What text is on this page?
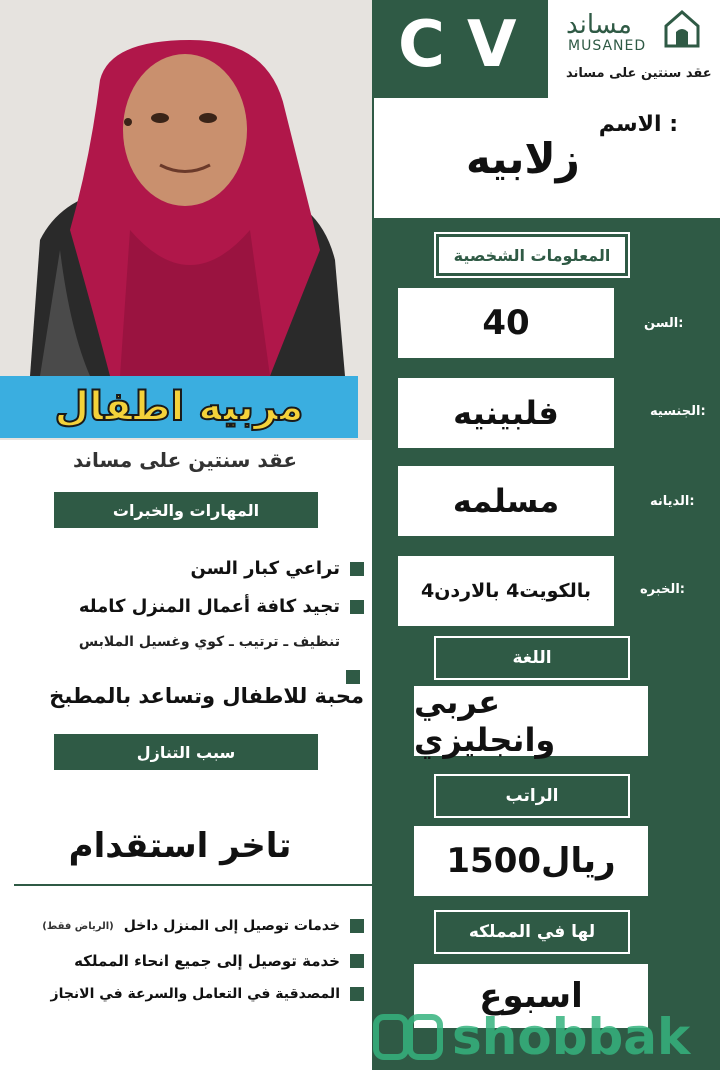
مربيه اطفال
CV مساند
MUSANED
عقد سنتين على مساند
الاسم :
زلابيه
المعلومات الشخصية
40	السن:
فلبينيه	الجنسيه:
مسلمه	الديانه:
4بالكويت4 بالاردن	الخبره:
اللغة
عربي وانجليزي
الراتب
1500ريال
لها في المملكه
اسبوع
عقد سنتين على مساند
المهارات والخبرات
تراعي كبار السن
تجيد كافة أعمال المنزل كامله
تنظيف ـ ترتيب ـ كوي وغسيل الملابس
محبة للاطفال وتساعد بالمطبخ
سبب التنازل
تاخر استقدام
خدمات توصيل إلى المنزل داخل
(الرياض فقط)
خدمة توصيل إلى جميع انحاء المملكه
المصدقية في التعامل والسرعة في الانجاز
shobbak
